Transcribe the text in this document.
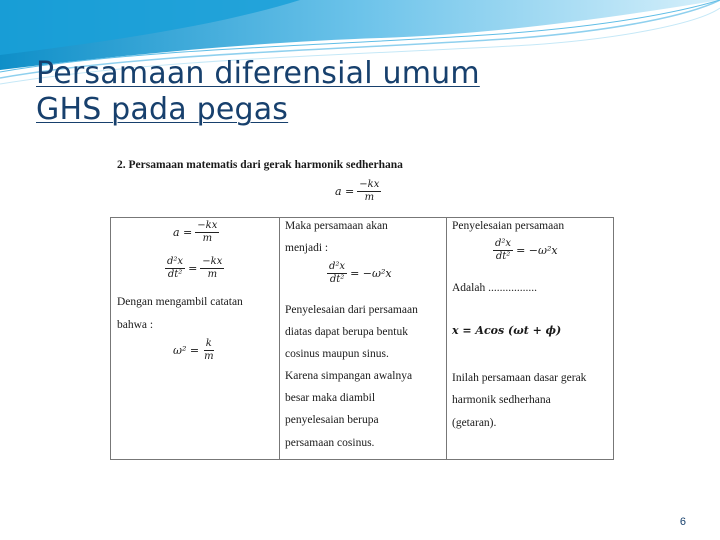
Persamaan diferensial umum
GHS pada pegas
2. Persamaan matematis dari gerak harmonik sedherhana
$a = \frac{-kx}{m}$
$a = \frac{-kx}{m}$
$\frac{\text{d²x}}{\text{dt²}} = \frac{-kx}{m}$
Dengan mengambil catatan
bahwa :
$\omega^2 = \frac{k}{m}$
Maka persamaan akan
menjadi :
$\frac{\text{d²x}}{\text{dt²}} = -\omega^2x$
Penyelesaian dari persamaan
diatas dapat berupa bentuk
cosinus maupun sinus.
Karena simpangan awalnya
besar maka diambil
penyelesaian berupa
persamaan cosinus.
Penyelesaian persamaan
$\frac{\text{d²x}}{\text{dt²}} = -\omega^2x$
Adalah .................
x = Acos (ωt + ϕ)
Inilah persamaan dasar gerak
harmonik sedherhana
(getaran).
6
